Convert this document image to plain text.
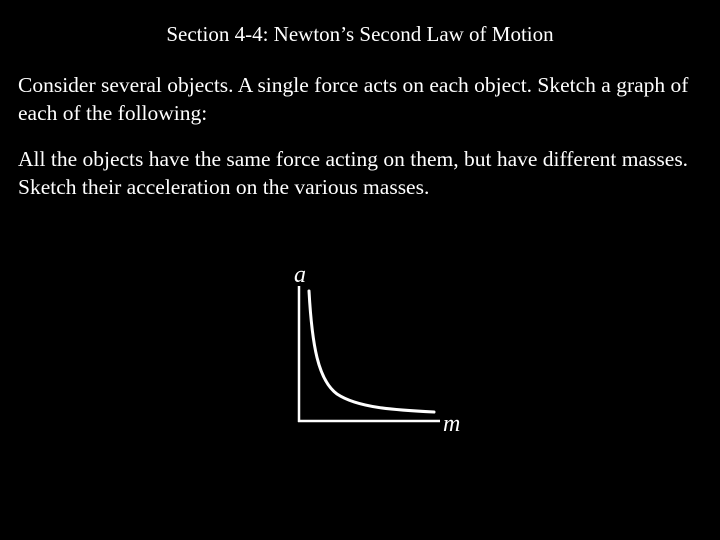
Section 4-4: Newton’s Second Law of Motion
Consider several objects. A single force acts on each object. Sketch a graph of each of the following:
All the objects have the same force acting on them, but have different masses. Sketch their acceleration on the various masses.
a
m
